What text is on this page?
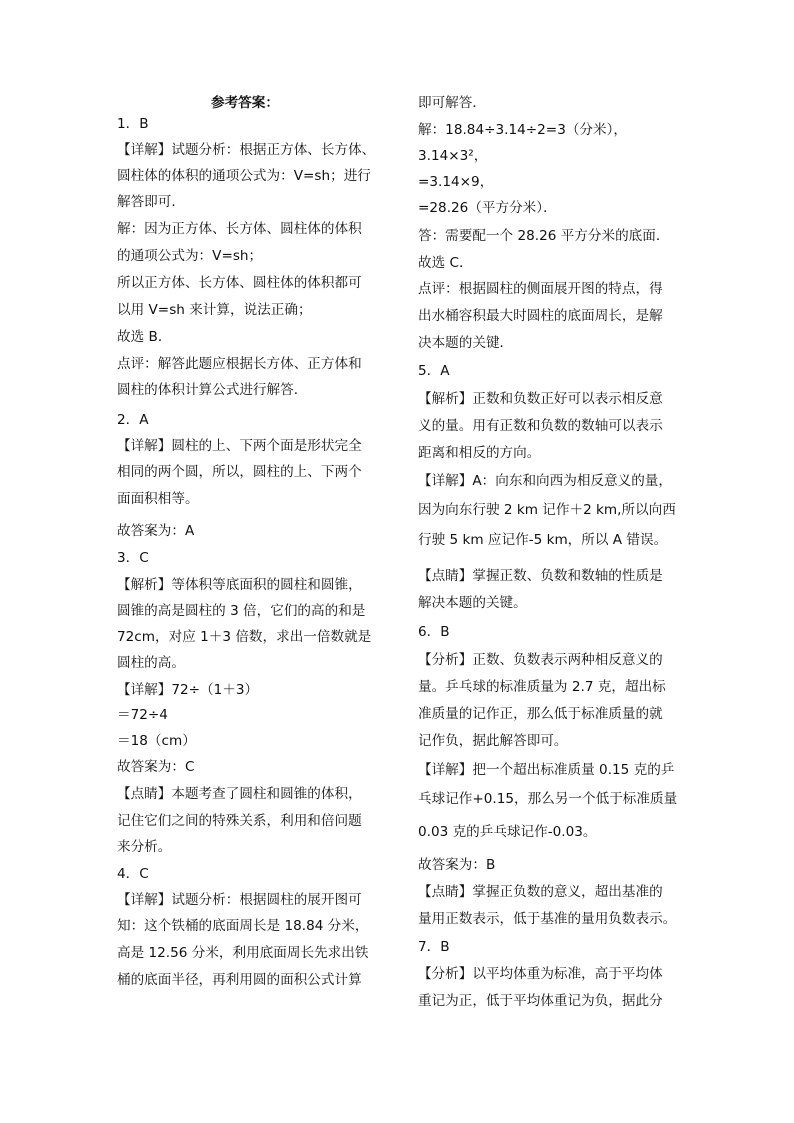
参考答案：
1．B
【详解】试题分析：根据正方体、长方体、
圆柱体的体积的通项公式为：V=sh；进行
解答即可．
解：因为正方体、长方体、圆柱体的体积
的通项公式为：V=sh；
所以正方体、长方体、圆柱体的体积都可
以用 V=sh 来计算，说法正确；
故选 B．
点评：解答此题应根据长方体、正方体和
圆柱的体积计算公式进行解答．
2．A
【详解】圆柱的上、下两个面是形状完全
相同的两个圆，所以，圆柱的上、下两个
面面积相等。
故答案为：A
3．C
【解析】等体积等底面积的圆柱和圆锥，
圆锥的高是圆柱的 3 倍，它们的高的和是
72cm，对应 1＋3 倍数，求出一倍数就是
圆柱的高。
【详解】72÷（1＋3）
＝72÷4
＝18（cm）
故答案为：C
【点睛】本题考查了圆柱和圆锥的体积，
记住它们之间的特殊关系，利用和倍问题
来分析。
4．C
【详解】试题分析：根据圆柱的展开图可
知：这个铁桶的底面周长是 18.84 分米，
高是 12.56 分米，利用底面周长先求出铁
桶的底面半径，再利用圆的面积公式计算
即可解答．
解：18.84÷3.14÷2=3（分米），
3.14×3²，
=3.14×9，
=28.26（平方分米）．
答：需要配一个 28.26 平方分米的底面．
故选 C．
点评：根据圆柱的侧面展开图的特点，得
出水桶容积最大时圆柱的底面周长，是解
决本题的关键．
5．A
【解析】正数和负数正好可以表示相反意
义的量。用有正数和负数的数轴可以表示
距离和相反的方向。
【详解】A：向东和向西为相反意义的量，
因为向东行驶 2 km 记作＋2 km,所以向西
行驶 5 km 应记作-5 km，所以 A 错误。
【点睛】掌握正数、负数和数轴的性质是
解决本题的关键。
6．B
【分析】正数、负数表示两种相反意义的
量。乒乓球的标准质量为 2.7 克，超出标
准质量的记作正，那么低于标准质量的就
记作负，据此解答即可。
【详解】把一个超出标准质量 0.15 克的乒
乓球记作+0.15，那么另一个低于标准质量
0.03 克的乒乓球记作-0.03。
故答案为：B
【点睛】掌握正负数的意义，超出基准的
量用正数表示，低于基准的量用负数表示。
7．B
【分析】以平均体重为标准，高于平均体
重记为正，低于平均体重记为负，据此分
